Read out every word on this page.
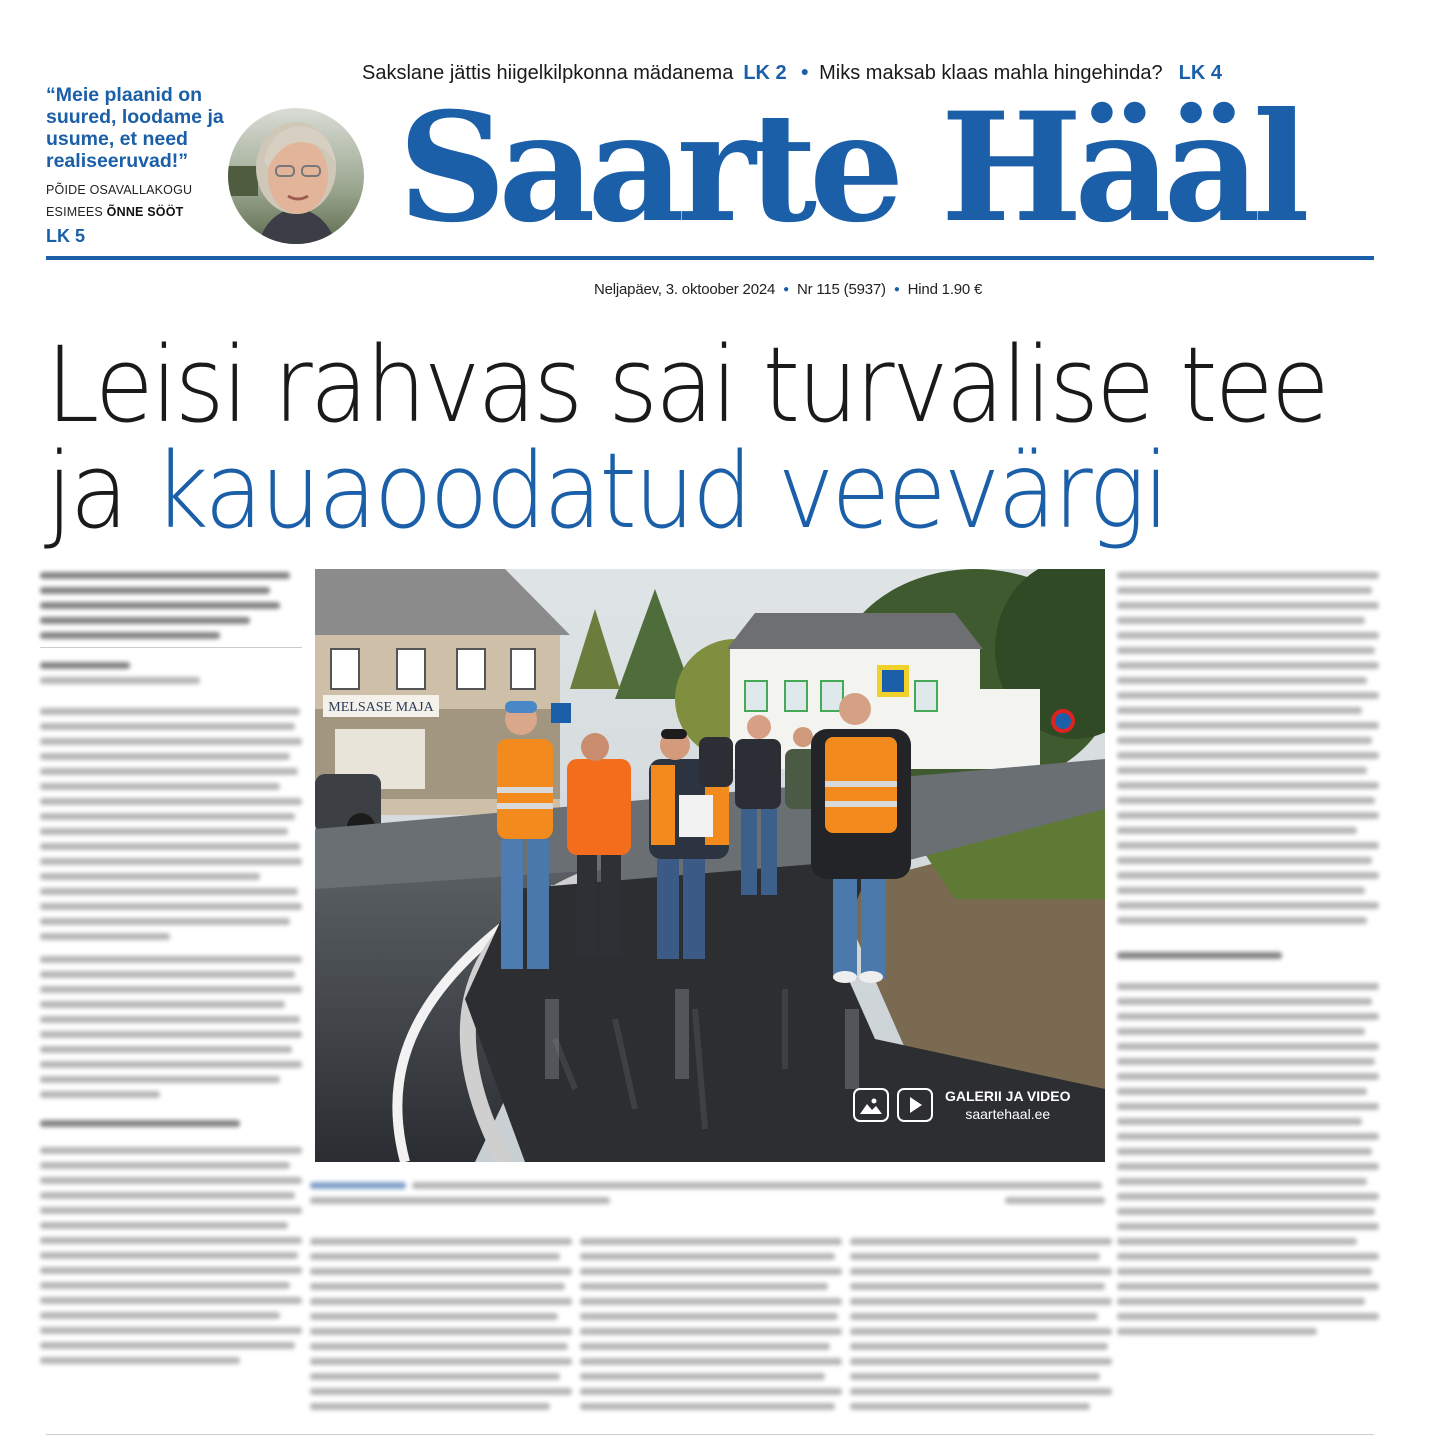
Sakslane jättis hiigelkilpkonna mädanema LK 2 ● Miks maksab klaas mahla hingehinda? LK 4
“Meie plaanid on suured, loodame ja usume, et need realiseeruvad!”
PÕIDE OSAVALLAKOGU
ESIMEES ÕNNE SÖÖT
LK 5 Saarte Hääl
Neljapäev, 3. oktoober 2024 ● Nr 115 (5937) ● Hind 1.90 €
Leisi rahvas sai turvalise tee
ja kauaoodatud veevärgi
MELSASE MAJA
GALERII JA VIDEO
saartehaal.ee
